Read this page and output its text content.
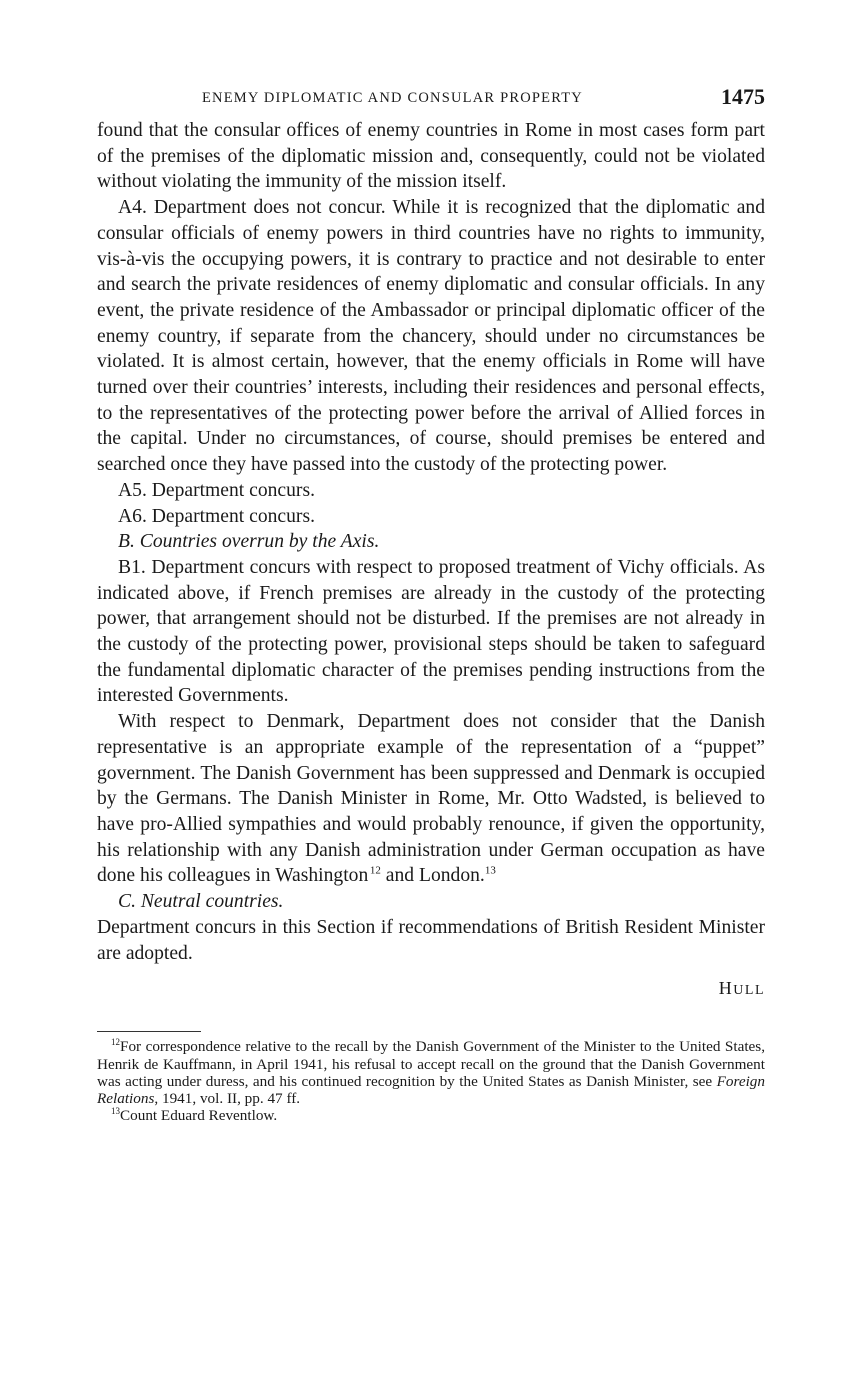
ENEMY DIPLOMATIC AND CONSULAR PROPERTY	1475

found that the consular offices of enemy countries in Rome in most cases form part of the premises of the diplomatic mission and, consequently, could not be violated without violating the immunity of the mission itself.

A4. Department does not concur. While it is recognized that the diplomatic and consular officials of enemy powers in third countries have no rights to immunity, vis-à-vis the occupying powers, it is contrary to practice and not desirable to enter and search the private residences of enemy diplomatic and consular officials. In any event, the private residence of the Ambassador or principal diplomatic officer of the enemy country, if separate from the chancery, should under no circumstances be violated. It is almost certain, however, that the enemy officials in Rome will have turned over their countries’ interests, including their residences and personal effects, to the representatives of the protecting power before the arrival of Allied forces in the capital. Under no circumstances, of course, should premises be entered and searched once they have passed into the custody of the protecting power.

A5. Department concurs.

A6. Department concurs.

B. Countries overrun by the Axis.

B1. Department concurs with respect to proposed treatment of Vichy officials. As indicated above, if French premises are already in the custody of the protecting power, that arrangement should not be disturbed. If the premises are not already in the custody of the protecting power, provisional steps should be taken to safeguard the fundamental diplomatic character of the premises pending instructions from the interested Governments.

With respect to Denmark, Department does not consider that the Danish representative is an appropriate example of the representation of a “puppet” government. The Danish Government has been suppressed and Denmark is occupied by the Germans. The Danish Minister in Rome, Mr. Otto Wadsted, is believed to have pro-Allied sympathies and would probably renounce, if given the opportunity, his relationship with any Danish administration under German occupation as have done his colleagues in Washington  $^{12}$ and London.$^{13}$

C. Neutral countries.

Department concurs in this Section if recommendations of British Resident Minister are adopted.

HULL

$^{12}$For correspondence relative to the recall by the Danish Government of the Minister to the United States, Henrik de Kauffmann, in April 1941, his refusal to accept recall on the ground that the Danish Government was acting under duress, and his continued recognition by the United States as Danish Minister, see Foreign Relations, 1941, vol. II, pp. 47 ff.

$^{13}$Count Eduard Reventlow.
